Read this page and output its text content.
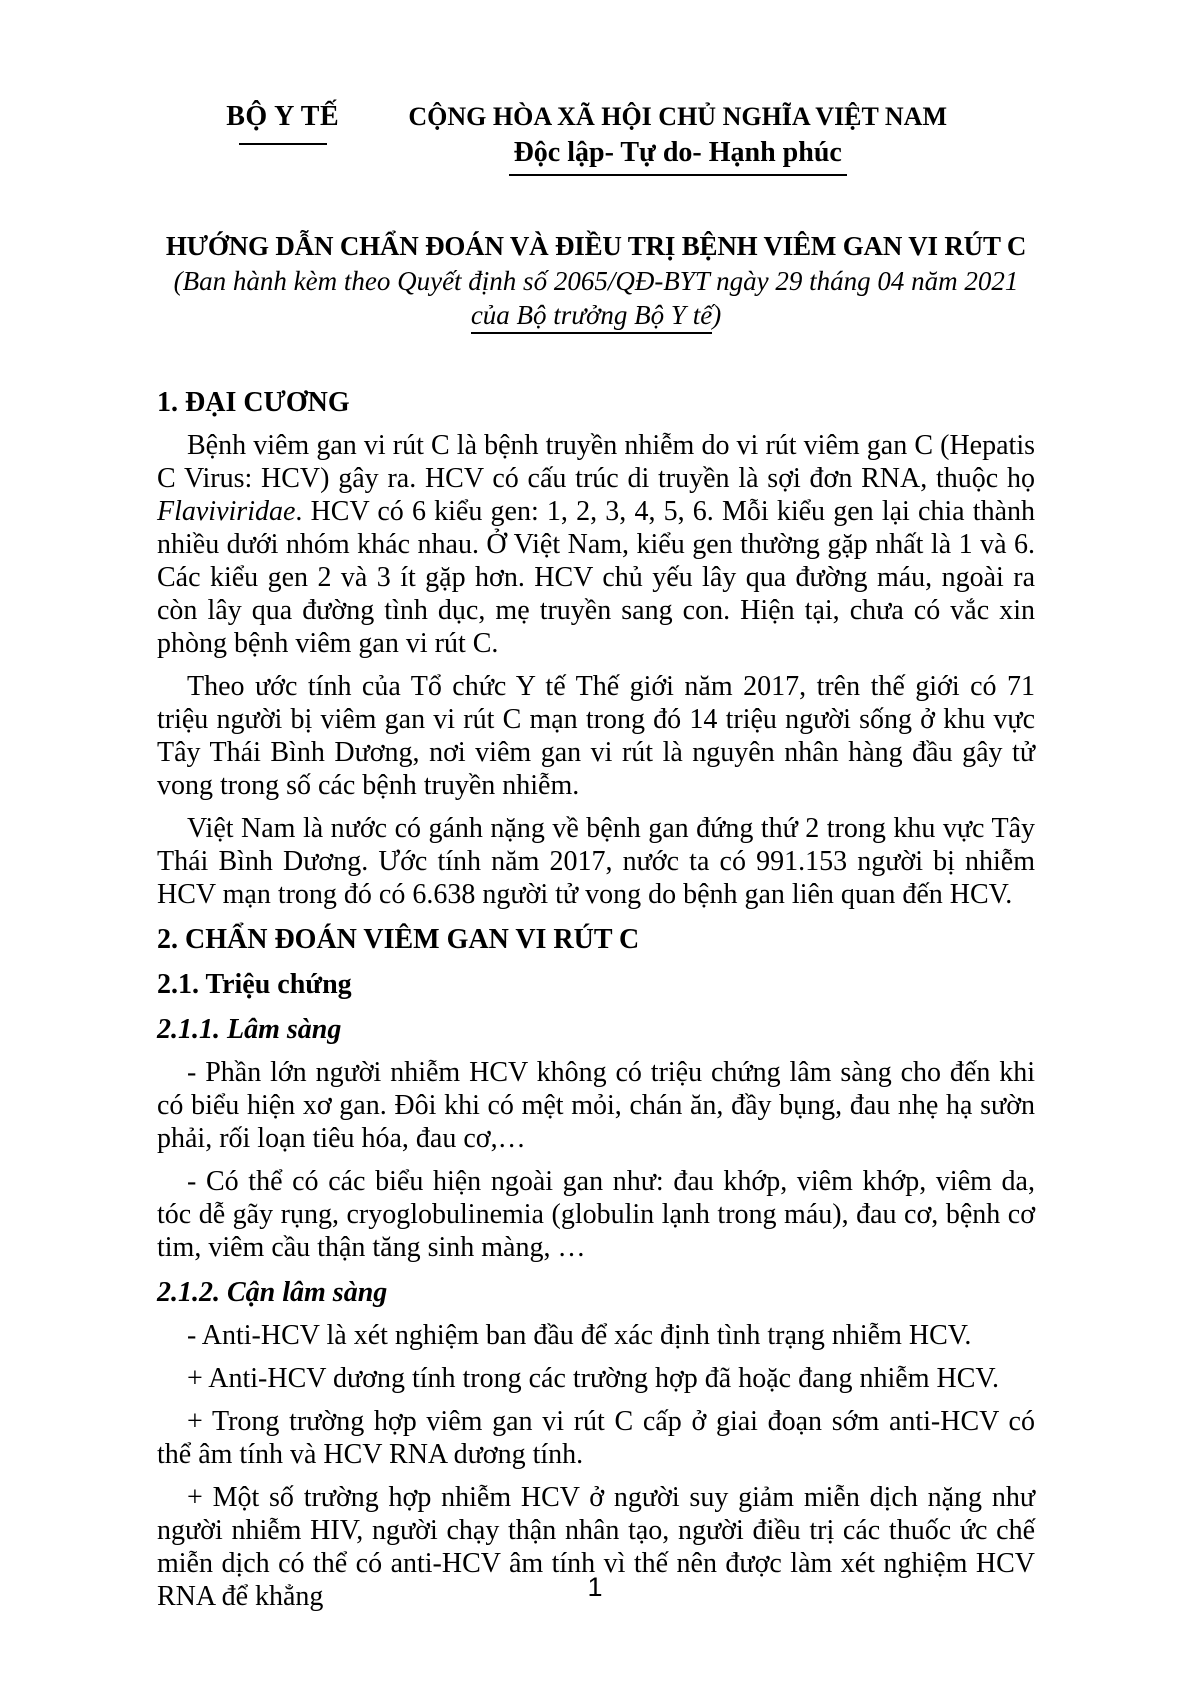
BỘ Y TẾ	CỘNG HÒA XÃ HỘI CHỦ NGHĨA VIỆT NAM
Độc lập- Tự do- Hạnh phúc
HƯỚNG DẪN CHẨN ĐOÁN VÀ ĐIỀU TRỊ BỆNH VIÊM GAN VI RÚT C
(Ban hành kèm theo Quyết định số 2065/QĐ-BYT ngày 29 tháng 04 năm 2021
của Bộ trưởng Bộ Y tế)
1. ĐẠI CƯƠNG

Bệnh viêm gan vi rút C là bệnh truyền nhiễm do vi rút viêm gan C (Hepatis C Virus: HCV) gây ra. HCV có cấu trúc di truyền là sợi đơn RNA, thuộc họ Flaviviridae. HCV có 6 kiểu gen: 1, 2, 3, 4, 5, 6. Mỗi kiểu gen lại chia thành nhiều dưới nhóm khác nhau. Ở Việt Nam, kiểu gen thường gặp nhất là 1 và 6. Các kiểu gen 2 và 3 ít gặp hơn. HCV chủ yếu lây qua đường máu, ngoài ra còn lây qua đường tình dục, mẹ truyền sang con. Hiện tại, chưa có vắc xin phòng bệnh viêm gan vi rút C.

Theo ước tính của Tổ chức Y tế Thế giới năm 2017, trên thế giới có 71 triệu người bị viêm gan vi rút C mạn trong đó 14 triệu người sống ở khu vực Tây Thái Bình Dương, nơi viêm gan vi rút là nguyên nhân hàng đầu gây tử vong trong số các bệnh truyền nhiễm.

Việt Nam là nước có gánh nặng về bệnh gan đứng thứ 2 trong khu vực Tây Thái Bình Dương. Ước tính năm 2017, nước ta có 991.153 người bị nhiễm HCV mạn trong đó có 6.638 người tử vong do bệnh gan liên quan đến HCV.

2. CHẨN ĐOÁN VIÊM GAN VI RÚT C
2.1. Triệu chứng
2.1.1. Lâm sàng

- Phần lớn người nhiễm HCV không có triệu chứng lâm sàng cho đến khi có biểu hiện xơ gan. Đôi khi có mệt mỏi, chán ăn, đầy bụng, đau nhẹ hạ sườn phải, rối loạn tiêu hóa, đau cơ,…

- Có thể có các biểu hiện ngoài gan như: đau khớp, viêm khớp, viêm da, tóc dễ gãy rụng, cryoglobulinemia (globulin lạnh trong máu), đau cơ, bệnh cơ tim, viêm cầu thận tăng sinh màng, …

2.1.2. Cận lâm sàng

- Anti-HCV là xét nghiệm ban đầu để xác định tình trạng nhiễm HCV.

+ Anti-HCV dương tính trong các trường hợp đã hoặc đang nhiễm HCV.

+ Trong trường hợp viêm gan vi rút C cấp ở giai đoạn sớm anti-HCV có thể âm tính và HCV RNA dương tính.

+ Một số trường hợp nhiễm HCV ở người suy giảm miễn dịch nặng như người nhiễm HIV, người chạy thận nhân tạo, người điều trị các thuốc ức chế miễn dịch có thể có anti-HCV âm tính vì thế nên được làm xét nghiệm HCV RNA để khẳng	1
